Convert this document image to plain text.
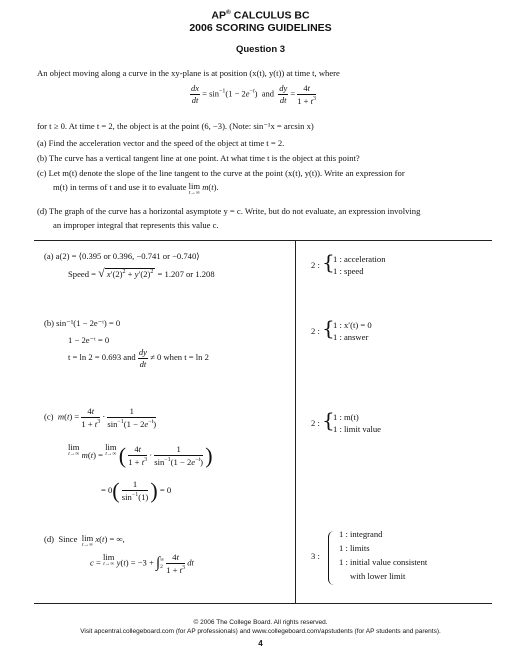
AP® CALCULUS BC
2006 SCORING GUIDELINES
Question 3
An object moving along a curve in the xy-plane is at position (x(t), y(t)) at time t, where
$\frac{dx}{dt} = \sin^{-1}(1 - 2e^{-t})$  and $\frac{dy}{dt} = \frac{4t}{1 + t^3}$
for t ≥ 0. At time t = 2, the object is at the point (6, −3). (Note: sin⁻¹x = arcsin x)
(a) Find the acceleration vector and the speed of the object at time t = 2.
(b) The curve has a vertical tangent line at one point. At what time t is the object at this point?
(c) Let m(t) denote the slope of the line tangent to the curve at the point (x(t), y(t)). Write an expression for
m(t) in terms of t and use it to evaluate lim
t→∞
m(t).
(d) The graph of the curve has a horizontal asymptote y = c. Write, but do not evaluate, an expression involving
an improper integral that represents this value c.
(a) a(2) = ⟨0.395 or 0.396, −0.741 or −0.740⟩
Speed = √ $x'(2)^2 + y'(2)^2 = 1.207$ or 1.208
2 : {
1 : acceleration
1 : speed
(b) sin⁻¹(1 − 2e⁻ᵗ) = 0
1 − 2e⁻ᵗ = 0
t = ln 2 = 0.693 and $\frac{dy}{dt} \ne 0$ when t = ln 2
2 : {
1 : x′(t) = 0
1 : answer
(c) $m(t) = \frac{4t}{1 + t^3} \cdot \frac{1}{\sin^{-1}(1 - 2e^{-t})}$
lim
t→∞ m(t) = lim
t→∞ ( $\frac{4t}{1 + t^3} \cdot \frac{1}{\sin^{-1}(1 - 2e^{-t})}$ )
= $0( \frac{1}{\sin^{-1}(1)}$ ) = 0
2 : {
1 : m(t)
1 : limit value
(d)  Since  lim
t→∞
x(t) = ∞,
c = lim
t→∞ y(t) = −3 + ∫ ∞
2
$\frac{4t}{1 + t^3}$ dt
3 :
1 : integrand
1 : limits
1 : initial value consistent
with lower limit
© 2006 The College Board. All rights reserved.
Visit apcentral.collegeboard.com (for AP professionals) and www.collegeboard.com/apstudents (for AP students and parents).
4
